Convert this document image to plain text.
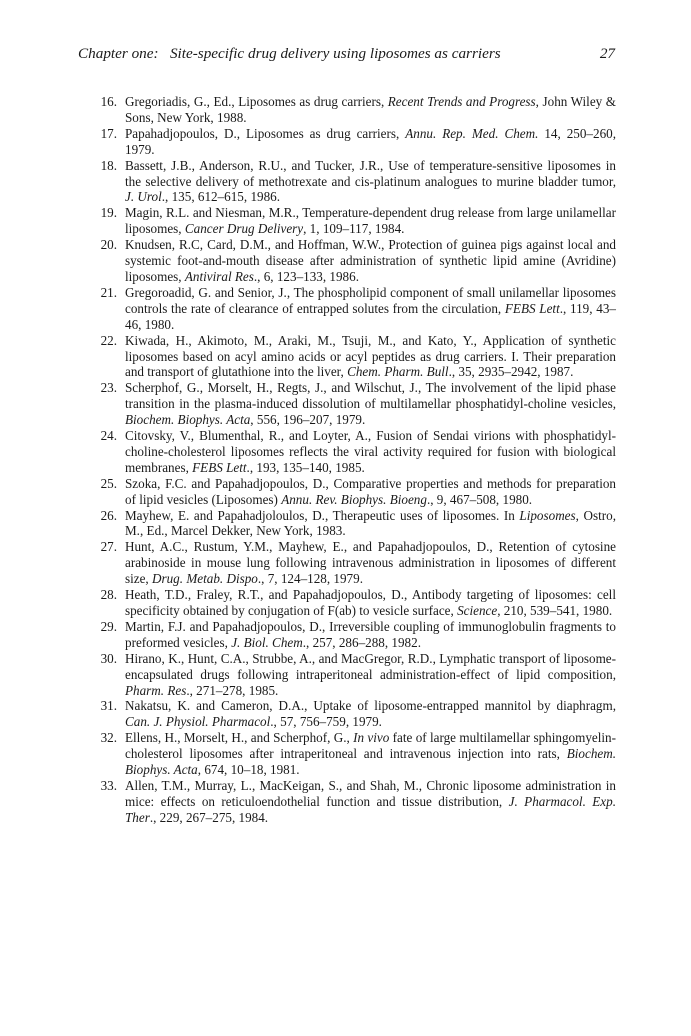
Chapter one:   Site-specific drug delivery using liposomes as carriers	27
16. Gregoriadis, G., Ed., Liposomes as drug carriers, Recent Trends and Progress, John Wiley & Sons, New York, 1988.
17. Papahadjopoulos, D., Liposomes as drug carriers, Annu. Rep. Med. Chem. 14, 250–260, 1979.
18. Bassett, J.B., Anderson, R.U., and Tucker, J.R., Use of temperature-sensitive liposomes in the selective delivery of methotrexate and cis-platinum analogues to murine bladder tumor, J. Urol., 135, 612–615, 1986.
19. Magin, R.L. and Niesman, M.R., Temperature-dependent drug release from large unilamellar liposomes, Cancer Drug Delivery, 1, 109–117, 1984.
20. Knudsen, R.C, Card, D.M., and Hoffman, W.W., Protection of guinea pigs against local and systemic foot-and-mouth disease after administration of synthetic lipid amine (Avridine) liposomes, Antiviral Res., 6, 123–133, 1986.
21. Gregoroadid, G. and Senior, J., The phospholipid component of small unilamellar liposomes controls the rate of clearance of entrapped solutes from the circulation, FEBS Lett., 119, 43–46, 1980.
22. Kiwada, H., Akimoto, M., Araki, M., Tsuji, M., and Kato, Y., Application of synthetic liposomes based on acyl amino acids or acyl peptides as drug carriers. I. Their preparation and transport of glutathione into the liver, Chem. Pharm. Bull., 35, 2935–2942, 1987.
23. Scherphof, G., Morselt, H., Regts, J., and Wilschut, J., The involvement of the lipid phase transition in the plasma-induced dissolution of multilamellar phosphatidyl-choline vesicles, Biochem. Biophys. Acta, 556, 196–207, 1979.
24. Citovsky, V., Blumenthal, R., and Loyter, A., Fusion of Sendai virions with phosphatidyl-choline-cholesterol liposomes reflects the viral activity required for fusion with biological membranes, FEBS Lett., 193, 135–140, 1985.
25. Szoka, F.C. and Papahadjopoulos, D., Comparative properties and methods for preparation of lipid vesicles (Liposomes) Annu. Rev. Biophys. Bioeng., 9, 467–508, 1980.
26. Mayhew, E. and Papahadjoloulos, D., Therapeutic uses of liposomes. In Liposomes, Ostro, M., Ed., Marcel Dekker, New York, 1983.
27. Hunt, A.C., Rustum, Y.M., Mayhew, E., and Papahadjopoulos, D., Retention of cytosine arabinoside in mouse lung following intravenous administration in liposomes of different size, Drug. Metab. Dispo., 7, 124–128, 1979.
28. Heath, T.D., Fraley, R.T., and Papahadjopoulos, D., Antibody targeting of liposomes: cell specificity obtained by conjugation of F(ab) to vesicle surface, Science, 210, 539–541, 1980.
29. Martin, F.J. and Papahadjopoulos, D., Irreversible coupling of immunoglobulin fragments to preformed vesicles, J. Biol. Chem., 257, 286–288, 1982.
30. Hirano, K., Hunt, C.A., Strubbe, A., and MacGregor, R.D., Lymphatic transport of liposome-encapsulated drugs following intraperitoneal administration-effect of lipid composition, Pharm. Res., 271–278, 1985.
31. Nakatsu, K. and Cameron, D.A., Uptake of liposome-entrapped mannitol by diaphragm, Can. J. Physiol. Pharmacol., 57, 756–759, 1979.
32. Ellens, H., Morselt, H., and Scherphof, G., In vivo fate of large multilamellar sphingomyelin-cholesterol liposomes after intraperitoneal and intravenous injection into rats, Biochem. Biophys. Acta, 674, 10–18, 1981.
33. Allen, T.M., Murray, L., MacKeigan, S., and Shah, M., Chronic liposome administration in mice: effects on reticuloendothelial function and tissue distribution, J. Pharmacol. Exp. Ther., 229, 267–275, 1984.
